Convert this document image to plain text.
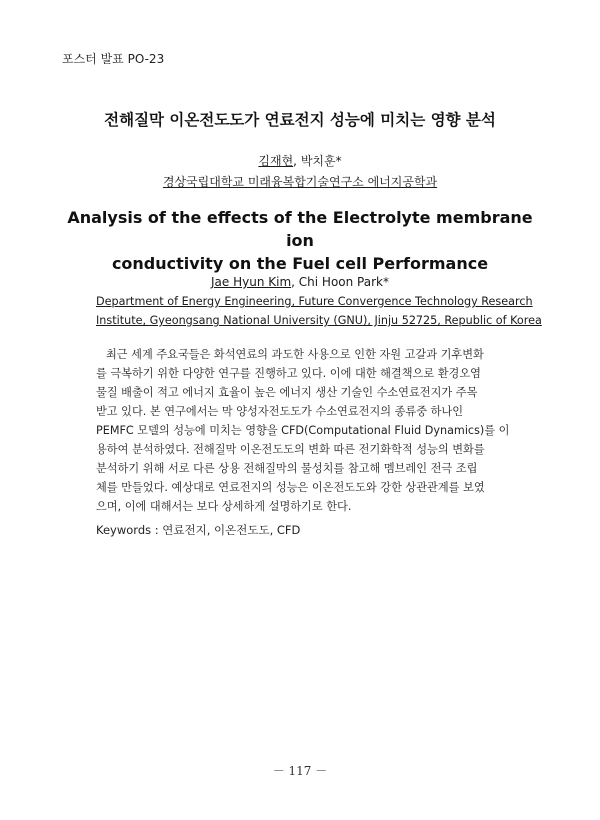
포스터 발표 PO-23
전해질막 이온전도도가 연료전지 성능에 미치는 영향 분석
김재현, 박치훈*
경상국립대학교 미래융복합기술연구소 에너지공학과
Analysis of the effects of the Electrolyte membrane ion
conductivity on the Fuel cell Performance
Jae Hyun Kim, Chi Hoon Park*
Department of Energy Engineering, Future Convergence Technology Research
Institute, Gyeongsang National University (GNU), Jinju 52725, Republic of Korea
최근 세계 주요국들은 화석연료의 과도한 사용으로 인한 자원 고갈과 기후변화
를 극복하기 위한 다양한 연구를 진행하고 있다. 이에 대한 해결책으로 환경오염
물질 배출이 적고 에너지 효율이 높은 에너지 생산 기술인 수소연료전지가 주목
받고 있다. 본 연구에서는 막 양성자전도도가 수소연료전지의 종류중 하나인
PEMFC 모델의 성능에 미치는 영향을 CFD(Computational Fluid Dynamics)를 이
용하여 분석하였다. 전해질막 이온전도도의 변화 따른 전기화학적 성능의 변화를
분석하기 위해 서로 다른 상용 전해질막의 물성치를 참고해 멤브레인 전극 조립
체를 만들었다. 예상대로 연료전지의 성능은 이온전도도와 강한 상관관계를 보였
으며, 이에 대해서는 보다 상세하게 설명하기로 한다.
Keywords : 연료전지, 이온전도도, CFD
－ 117 －
